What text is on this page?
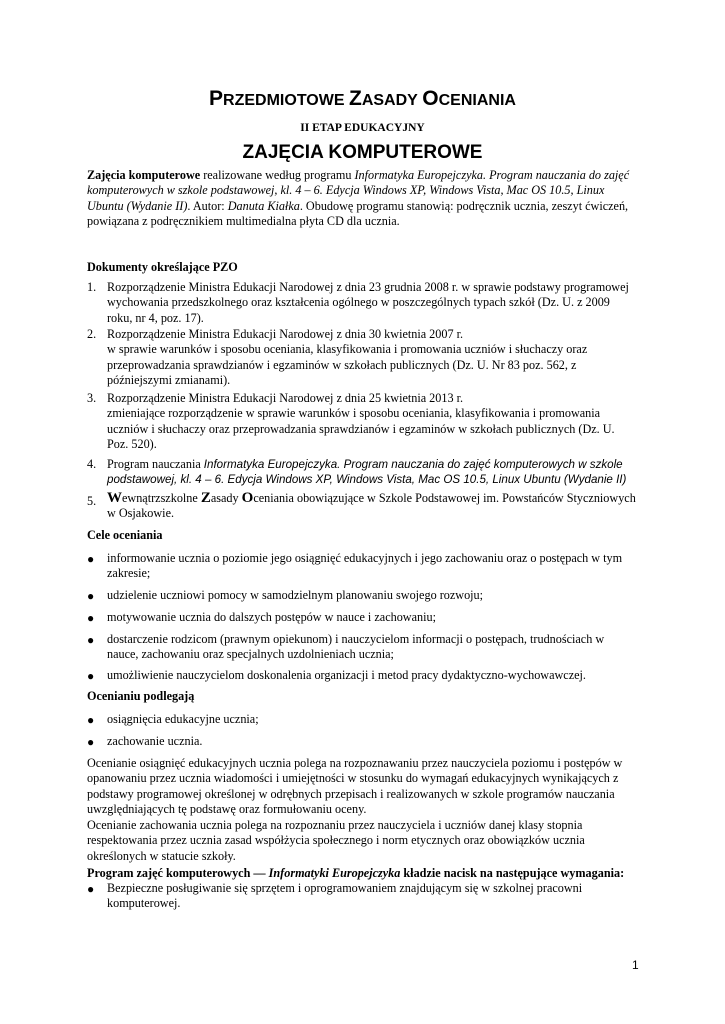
PRZEDMIOTOWE ZASADY OCENIANIA
II ETAP EDUKACYJNY
ZAJĘCIA KOMPUTEROWE
Zajęcia komputerowe realizowane według programu Informatyka Europejczyka. Program nauczania do zajęć
komputerowych w szkole podstawowej, kl. 4 – 6. Edycja Windows XP, Windows Vista, Mac OS 10.5, Linux
Ubuntu (Wydanie II). Autor: Danuta Kiałka. Obudowę programu stanowią: podręcznik ucznia, zeszyt ćwiczeń,
powiązana z podręcznikiem multimedialna płyta CD dla ucznia.
Dokumenty określające PZO
1. Rozporządzenie Ministra Edukacji Narodowej z dnia 23 grudnia 2008 r. w sprawie podstawy programowej
wychowania przedszkolnego oraz kształcenia ogólnego w poszczególnych typach szkół (Dz. U. z 2009
roku, nr 4, poz. 17).
2. Rozporządzenie Ministra Edukacji Narodowej z dnia 30 kwietnia 2007 r.
w sprawie warunków i sposobu oceniania, klasyfikowania i promowania uczniów i słuchaczy oraz
przeprowadzania sprawdzianów i egzaminów w szkołach publicznych (Dz. U. Nr 83 poz. 562, z
późniejszymi zmianami).
3. Rozporządzenie Ministra Edukacji Narodowej z dnia 25 kwietnia 2013 r.
zmieniające rozporządzenie w sprawie warunków i sposobu oceniania, klasyfikowania i promowania
uczniów i słuchaczy oraz przeprowadzania sprawdzianów i egzaminów w szkołach publicznych (Dz. U.
Poz. 520).
4. Program nauczania Informatyka Europejczyka. Program nauczania do zajęć komputerowych w szkole
podstawowej, kl. 4 – 6. Edycja Windows XP, Windows Vista, Mac OS 10.5, Linux Ubuntu (Wydanie II)
5. Wewnątrzszkolne Zasady Oceniania obowiązujące w Szkole Podstawowej im. Powstańców Styczniowych
w Osjakowie.
Cele oceniania
● informowanie ucznia o poziomie jego osiągnięć edukacyjnych i jego zachowaniu oraz o postępach w tym
zakresie;
● udzielenie uczniowi pomocy w samodzielnym planowaniu swojego rozwoju;
● motywowanie ucznia do dalszych postępów w nauce i zachowaniu;
● dostarczenie rodzicom (prawnym opiekunom) i nauczycielom informacji o postępach, trudnościach w
nauce, zachowaniu oraz specjalnych uzdolnieniach ucznia;
● umożliwienie nauczycielom doskonalenia organizacji i metod pracy dydaktyczno-wychowawczej.
Ocenianiu podlegają
● osiągnięcia edukacyjne ucznia;
● zachowanie ucznia.
Ocenianie osiągnięć edukacyjnych ucznia polega na rozpoznawaniu przez nauczyciela poziomu i postępów w
opanowaniu przez ucznia wiadomości i umiejętności w stosunku do wymagań edukacyjnych wynikających z
podstawy programowej określonej w odrębnych przepisach i realizowanych w szkole programów nauczania
uwzględniających tę podstawę oraz formułowaniu oceny.
Ocenianie zachowania ucznia polega na rozpoznaniu przez nauczyciela i uczniów danej klasy stopnia
respektowania przez ucznia zasad współżycia społecznego i norm etycznych oraz obowiązków ucznia
określonych w statucie szkoły.
Program zajęć komputerowych — Informatyki Europejczyka kładzie nacisk na następujące wymagania:
● Bezpieczne posługiwanie się sprzętem i oprogramowaniem znajdującym się w szkolnej pracowni
komputerowej.
1
